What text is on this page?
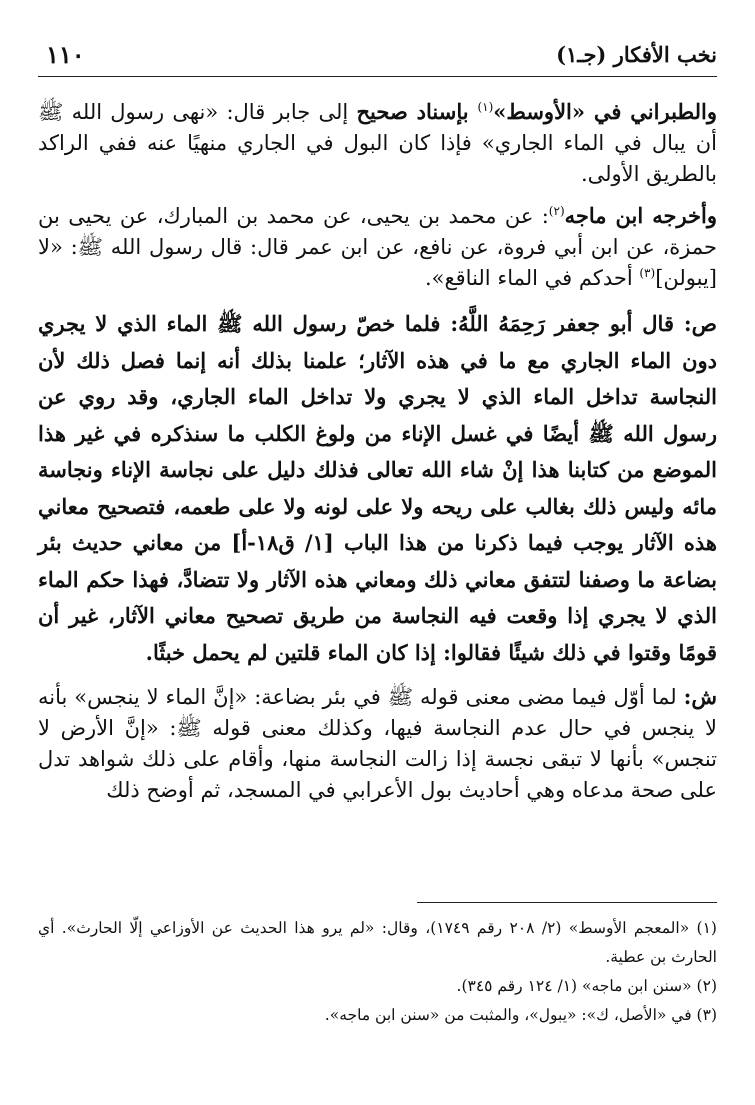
نخب الأفكار (جـ١)
١١٠

والطبراني في «الأوسط»$^{(١)}$ بإسناد صحيح إلى جابر قال: «نهى رسول الله ﷺ أن يبال في الماء الجاري» فإذا كان البول في الجاري منهيًا عنه ففي الراكد بالطريق الأولى.

وأخرجه ابن ماجه$^{(٢)}$: عن محمد بن يحيى، عن محمد بن المبارك، عن يحيى بن حمزة، عن ابن أبي فروة، عن نافع، عن ابن عمر قال: قال رسول الله ﷺ: «لا [يبولن]$^{(٣)}$ أحدكم في الماء الناقع».

ص: قال أبو جعفر رَحِمَهُ اللَّهُ: فلما خصّ رسول الله ﷺ الماء الذي لا يجري دون الماء الجاري مع ما في هذه الآثار؛ علمنا بذلك أنه إنما فصل ذلك لأن النجاسة تداخل الماء الذي لا يجري ولا تداخل الماء الجاري، وقد روي عن رسول الله ﷺ أيضًا في غسل الإناء من ولوغ الكلب ما سنذكره في غير هذا الموضع من كتابنا هذا إنْ شاء الله تعالى فذلك دليل على نجاسة الإناء ونجاسة مائه وليس ذلك بغالب على ريحه ولا على لونه ولا على طعمه، فتصحيح معاني هذه الآثار يوجب فيما ذكرنا من هذا الباب [١/ ق١٨-أ] من معاني حديث بئر بضاعة ما وصفنا لتتفق معاني ذلك ومعاني هذه الآثار ولا تتضادَّ، فهذا حكم الماء الذي لا يجري إذا وقعت فيه النجاسة من طريق تصحيح معاني الآثار، غير أن قومًا وقتوا في ذلك شيئًا فقالوا: إذا كان الماء قلتين لم يحمل خبثًا.

ش: لما أوّل فيما مضى معنى قوله ﷺ في بئر بضاعة: «إنَّ الماء لا ينجس» بأنه لا ينجس في حال عدم النجاسة فيها، وكذلك معنى قوله ﷺ: «إنَّ الأرض لا تنجس» بأنها لا تبقى نجسة إذا زالت النجاسة منها، وأقام على ذلك شواهد تدل على صحة مدعاه وهي أحاديث بول الأعرابي في المسجد، ثم أوضح ذلك

(١) «المعجم الأوسط» (٢/ ٢٠٨ رقم ١٧٤٩)، وقال: «لم يرو هذا الحديث عن الأوزاعي إلّا الحارث». أي الحارث بن عطية.

(٢) «سنن ابن ماجه» (١/ ١٢٤ رقم ٣٤٥).

(٣) في «الأصل، ك»: «يبول»، والمثبت من «سنن ابن ماجه».
